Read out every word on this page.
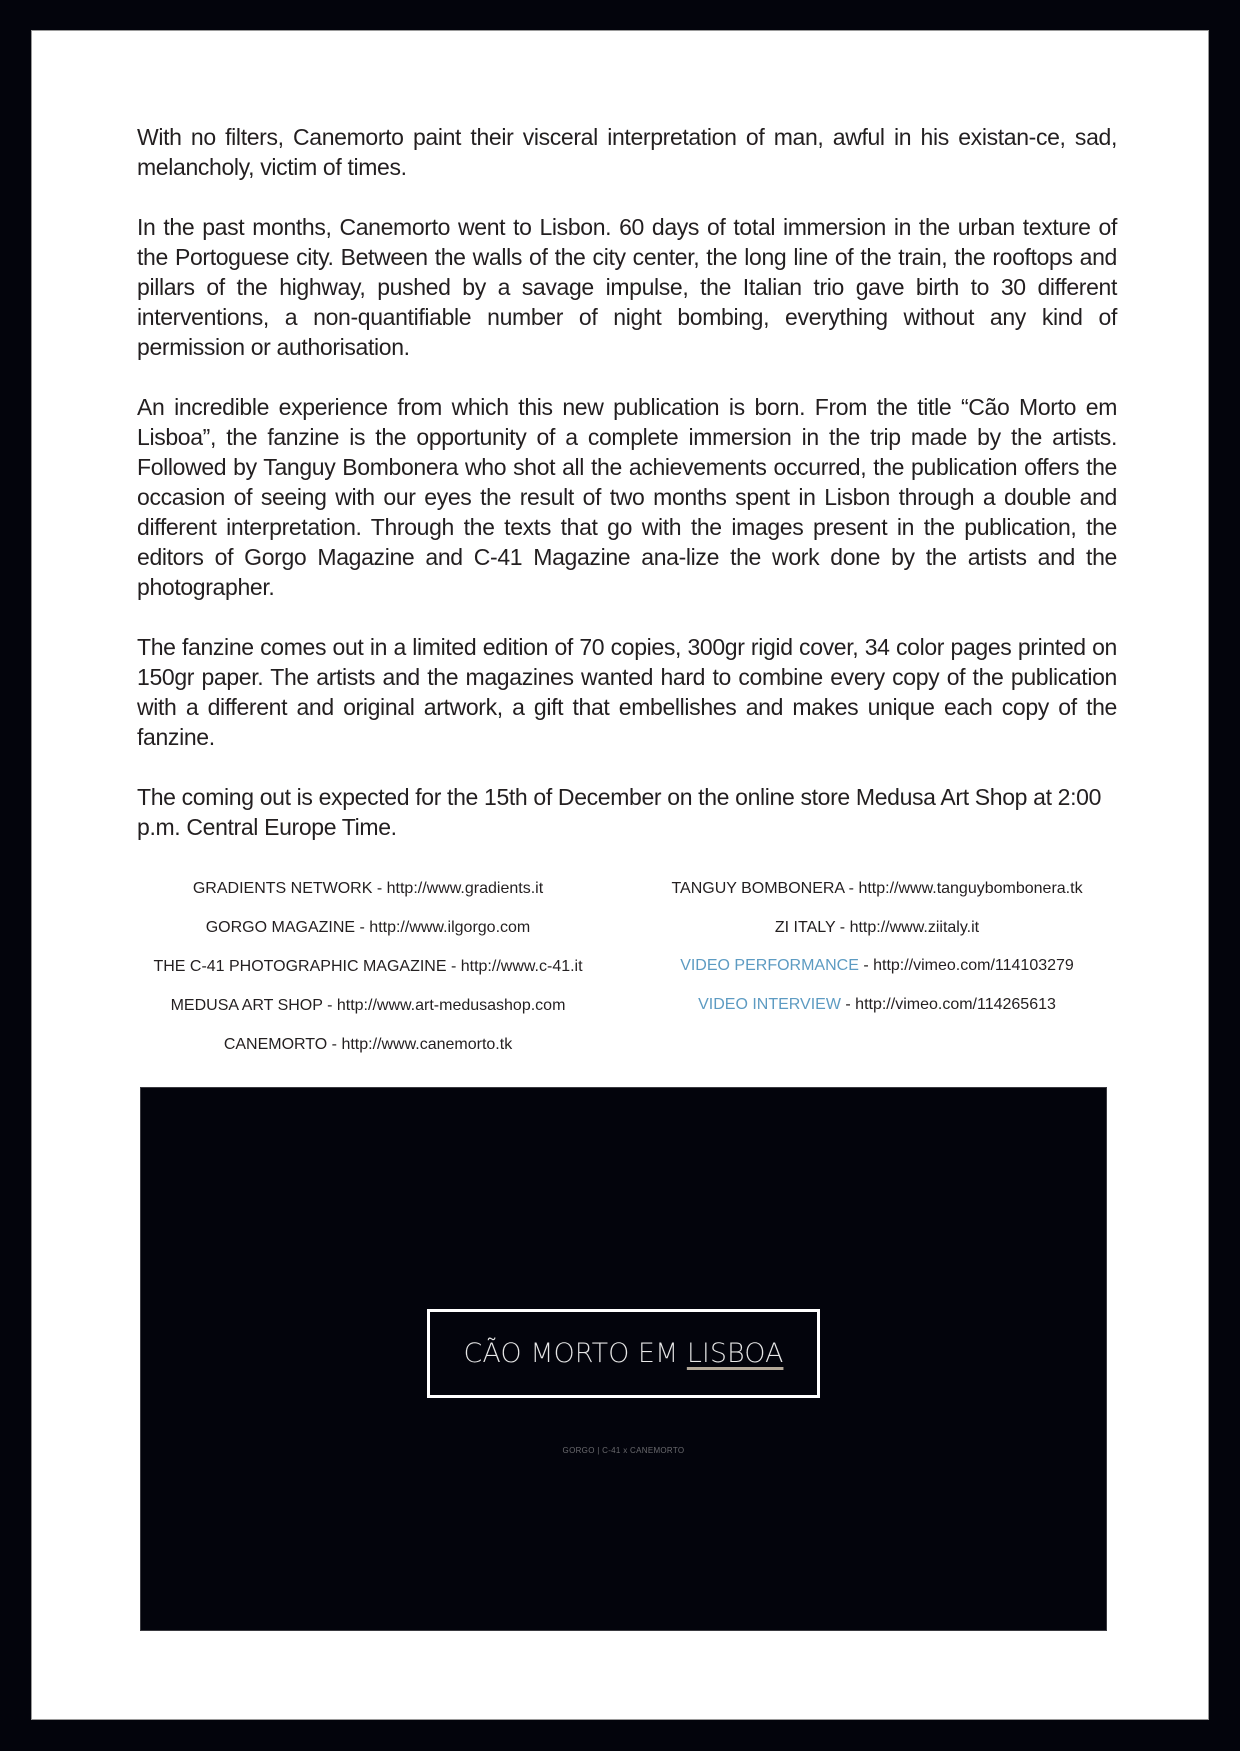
With no filters, Canemorto paint their visceral interpretation of man, awful in his existan-ce, sad, melancholy, victim of times.

In the past months, Canemorto went to Lisbon. 60 days of total immersion in the urban texture of the Portoguese city. Between the walls of the city center, the long line of the train, the rooftops and pillars of the highway, pushed by a savage impulse, the Italian trio gave birth to 30 different interventions, a non-quantifiable number of night bombing, everything without any kind of permission or authorisation.

An incredible experience from which this new publication is born. From the title “Cão Morto em Lisboa”, the fanzine is the opportunity of a complete immersion in the trip made by the artists. Followed by Tanguy Bombonera who shot all the achievements occurred, the publication offers the occasion of seeing with our eyes the result of two months spent in Lisbon through a double and different interpretation. Through the texts that go with the images present in the publication, the editors of Gorgo Magazine and C-41 Magazine ana-lize the work done by the artists and the photographer.

The fanzine comes out in a limited edition of 70 copies, 300gr rigid cover, 34 color pages printed on 150gr paper. The artists and the magazines wanted hard to combine every copy of the publication with a different and original artwork, a gift that embellishes and makes unique each copy of the fanzine.

The coming out is expected for the 15th of December on the online store Medusa Art Shop at 2:00 p.m. Central Europe Time.

GRADIENTS NETWORK - http://www.gradients.it
GORGO MAGAZINE - http://www.ilgorgo.com
THE C-41 PHOTOGRAPHIC MAGAZINE - http://www.c-41.it
MEDUSA ART SHOP - http://www.art-medusashop.com
CANEMORTO - http://www.canemorto.tk
TANGUY BOMBONERA - http://www.tanguybombonera.tk
ZI ITALY - http://www.ziitaly.it
VIDEO PERFORMANCE - http://vimeo.com/114103279
VIDEO INTERVIEW - http://vimeo.com/114265613
CÃO MORTO EM LISBOA
GORGO | C-41 x CANEMORTO
